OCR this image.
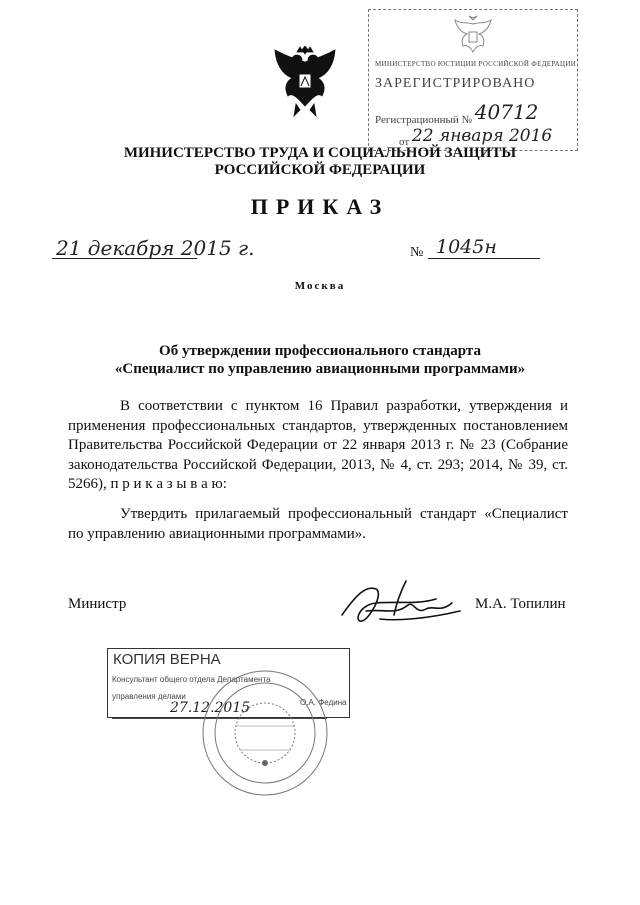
МИНИСТЕРСТВО ЮСТИЦИИ РОССИЙСКОЙ ФЕДЕРАЦИИ
ЗАРЕГИСТРИРОВАНО
Регистрационный № 40712
от 22 января 2016
МИНИСТЕРСТВО ТРУДА И СОЦИАЛЬНОЙ ЗАЩИТЫ
РОССИЙСКОЙ ФЕДЕРАЦИИ
ПРИКАЗ
21 декабря 2015 г.	№ 1045н
Москва
Об утверждении профессионального стандарта
«Специалист по управлению авиационными программами»
В соответствии с пунктом 16 Правил разработки, утверждения и применения профессиональных стандартов, утвержденных постановлением Правительства Российской Федерации от 22 января 2013 г. № 23 (Собрание законодательства Российской Федерации, 2013, № 4, ст. 293; 2014, № 39, ст. 5266), п р и к а з ы в а ю:
Утвердить прилагаемый профессиональный стандарт «Специалист по управлению авиационными программами».
Министр	М.А. Топилин
КОПИЯ ВЕРНА
Консультант общего отдела Департамента
управления делами
27.12.2015	О.А. Федина
